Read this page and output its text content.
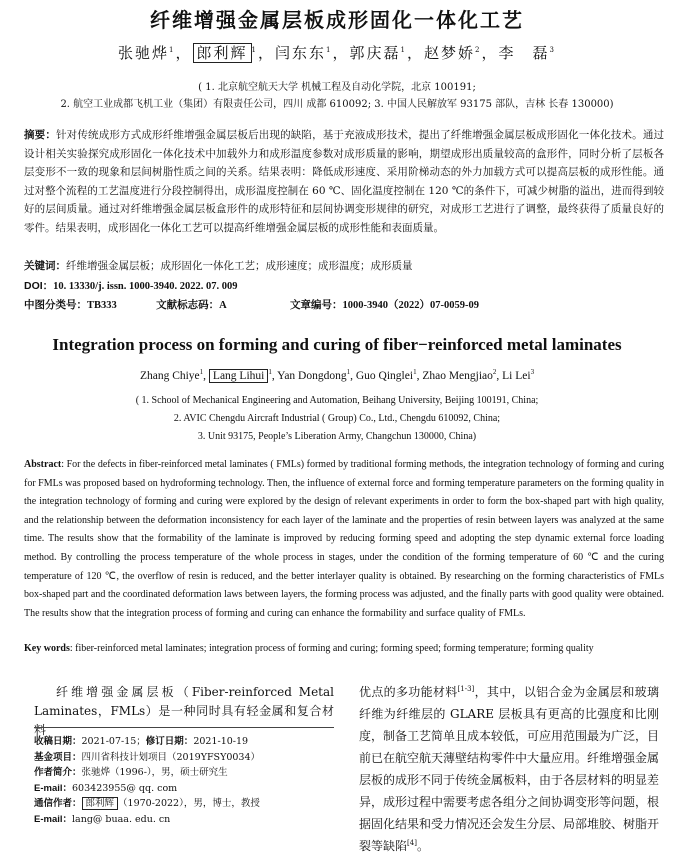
纤维增强金属层板成形固化一体化工艺
张驰烨$^1$， 郎利辉 $^1$，闫东东$^1$，郭庆磊$^1$，赵梦娇$^2$，李　磊$^3$
( 1. 北京航空航天大学 机械工程及自动化学院，北京 100191;
2. 航空工业成都飞机工业（集团）有限责任公司，四川 成都 610092; 3. 中国人民解放军 93175 部队，吉林 长春 130000)
摘要：针对传统成形方式成形纤维增强金属层板后出现的缺陷，基于充液成形技术，提出了纤维增强金属层板成形固化一体化技术。通过设计相关实验探究成形固化一体化技术中加载外力和成形温度参数对成形质量的影响，期望成形出质量较高的盒形件，同时分析了层板各层变形不一致的现象和层间树脂性质之间的关系。结果表明：降低成形速度、采用阶梯动态的外力加载方式可以提高层板的成形性能。通过对整个流程的工艺温度进行分段控制得出，成形温度控制在 60 ℃、固化温度控制在 120 ℃的条件下，可减少树脂的溢出，进而得到较好的层间质量。通过对纤维增强金属层板盒形件的成形特征和层间协调变形规律的研究，对成形工艺进行了调整，最终获得了质量良好的零件。结果表明，成形固化一体化工艺可以提高纤维增强金属层板的成形性能和表面质量。
关键词：纤维增强金属层板；成形固化一体化工艺；成形速度；成形温度；成形质量
DOI：10. 13330/j. issn. 1000-3940. 2022. 07. 009
中图分类号：TB333	文献标志码：A	文章编号：1000-3940（2022）07-0059-09
Integration process on forming and curing of fiber−reinforced metal laminates
Zhang Chiye$^1$, Lang Lihui $^1$, Yan Dongdong$^1$, Guo Qinglei$^1$, Zhao Mengjiao$^2$, Li Lei$^3$
( 1. School of Mechanical Engineering and Automation, Beihang University, Beijing 100191, China;
2. AVIC Chengdu Aircraft Industrial ( Group) Co., Ltd., Chengdu 610092, China;
3. Unit 93175, People’s Liberation Army, Changchun 130000, China)
Abstract: For the defects in fiber-reinforced metal laminates ( FMLs) formed by traditional forming methods, the integration technology of forming and curing for FMLs was proposed based on hydroforming technology. Then, the influence of external force and forming temperature parameters on the forming quality in the integration technology of forming and curing were explored by the design of relevant experiments in order to form the box-shaped part with high quality, and the relationship between the deformation inconsistency for each layer of the laminate and the properties of resin between layers was analyzed at the same time. The results show that the formability of the laminate is improved by reducing forming speed and adopting the step dynamic external force loading method. By controlling the process temperature of the whole process in stages, under the condition of the forming temperature of 60 ℃ and the curing temperature of 120 ℃, the overflow of resin is reduced, and the better interlayer quality is obtained. By researching on the forming characteristics of FMLs box-shaped part and the coordinated deformation laws between layers, the forming process was adjusted, and the finally parts with good quality were obtained. The results show that the integration process of forming and curing can enhance the formability and surface quality of FMLs.
Key words: fiber-reinforced metal laminates; integration process of forming and curing; forming speed; forming temperature; forming quality
纤维增强金属层板（Fiber-reinforced Metal Laminates，FMLs）是一种同时具有轻金属和复合材料
收稿日期：2021-07-15；修订日期：2021-10-19
基金项目：四川省科技计划项目（2019YFSY0034）
作者简介：张驰烨（1996-），男，硕士研究生
E-mail：603423955@ qq. com
通信作者： 郎利辉 （1970-2022），男，博士，教授
E-mail：lang@ buaa. edu. cn
优点的多功能材料[1-3]，其中，以铝合金为金属层和玻璃纤维为纤维层的 GLARE 层板具有更高的比强度和比刚度，制备工艺简单且成本较低，可应用范围最为广泛，目前已在航空航天薄壁结构零件中大量应用。纤维增强金属层板的成形不同于传统金属板料，由于各层材料的明显差异，成形过程中需要考虑各组分之间协调变形等问题，根据固化结果和受力情况还会发生分层、局部堆胶、树脂开裂等缺陷[4]。
